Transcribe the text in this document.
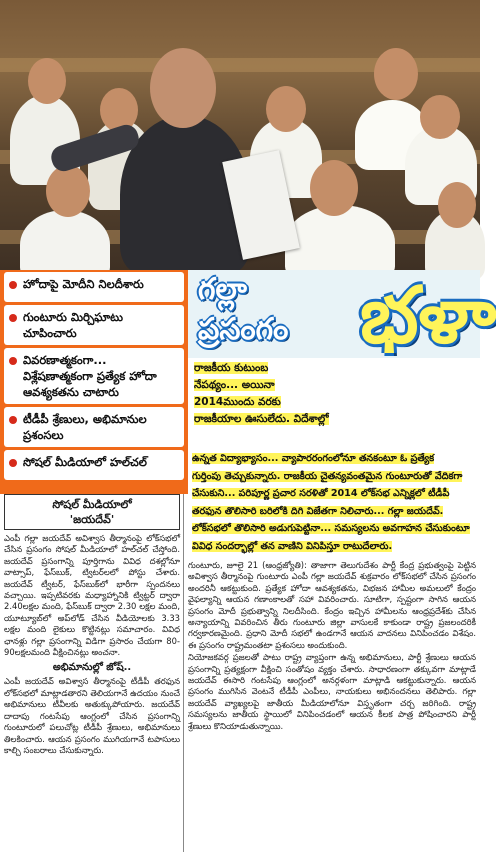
హోదాపై మోదీని నిలదీశారు
గుంటూరు మిర్చిఘాటు చూపించారు
వివరణాత్మకంగా... విశ్లేషణాత్మకంగా ప్రత్యేక హోదా ఆవశ్యకతను చాటారు
టీడీపీ శ్రేణులు, అభిమానుల ప్రశంసలు
సోషల్ మీడియాలో హల్‌చల్
గల్లా
ప్రసంగం భళా
రాజకీయ కుటుంబ
నేపథ్యం... అయినా
2014ముందు వరకు
రాజకీయాల ఊసులేదు. విదేశాల్లో
ఉన్నత విద్యాభ్యాసం... వ్యాపారరంగంలోనూ తనకంటూ ఓ ప్రత్యేక
గుర్తింపు తెచ్చుకున్నారు. రాజకీయ చైతన్యవంతమైన గుంటూరుతో వేదికగా
చేసుకుని... పరిపూర్ణ ప్రచార సరళితో 2014 లోక్‌సభ ఎన్నిక్లలో టీడీపీ
తరఫున తొలిసారి బరిలోకి దిగి విజేతగా నిలిచారు... గల్లా జయదేవ్.
లోక్‌సభలో తొలిసారి అడుగుపెట్టినా... సమస్యలను అవగాహన చేసుకుంటూ
వివిధ సందర్భాల్లో తన వాణిని వినిపిస్తూ రాటుదేలారు.
సోషల్ మీడియాలో
'జయదేవ్'

ఎంపీ గల్లా జయదేవ్ అవిశ్వాస తీర్మానంపై లోక్‌సభలో చేసిన ప్రసంగం సోషల్ మీడియాలో హల్‌చల్ చేస్తోంది. జయదేవ్ ప్రసంగాన్ని పూర్తిగాను వివిధ దశల్లోనూ వాట్సాప్, ఫేస్‌బుక్, ట్విటర్‌లలో పోస్టు చేశారు. జయదేవ్ ట్వీటర్, ఫేస్‌బుక్‌లో భారీగా స్పందనలు వచ్చాయి. ఇప్పటివరకు మధ్యాహ్నానికి ట్విట్టర్ ద్వారా 2.40లక్షల మంది, ఫేస్‌బుక్ ద్వారా 2.30 లక్షల మంది, యూట్యూబ్‌లో అప్‌లోడ్ చేసిన వీడియోలకు 3.33 లక్షల మంది లైకులు కొట్టినట్లు సమాచారం. వివిధ ఛానళ్లు గల్లా ప్రసంగాన్ని విడిగా ప్రసారం చేయగా 80-90లక్షలమంది వీక్షించినట్లు అంచనా.

అభిమానుల్లో జోష్..

ఎంపీ జయదేవ్ అవిశ్వాస తీర్మానంపై టీడీపీ తరఫున లోక్‌సభలో మాట్లాడతారని తెలియగానే ఉదయం నుంచే అభిమానులు టీవీలకు అతుక్కుపోయారు. జయదేవ్ దాదాపు గంటసేపు ఆంగ్లంలో చేసిన ప్రసంగాన్ని గుంటూరులో పలుచోట్ల టీడీపీ శ్రేణులు, అభిమానులు తిలకించారు. ఆయన ప్రసంగం ముగియగానే టపాసులు కాల్చి సంబరాలు చేసుకున్నారు.

గుంటూరు, జూలై 21 (ఆంధ్రజ్యోతి): తాజాగా తెలుగుదేశం పార్టీ కేంద్ర ప్రభుత్వంపై పెట్టిన అవిశ్వాస తీర్మానంపై గుంటూరు ఎంపీ గల్లా జయదేవ్ శుక్రవారం లోక్‌సభలో చేసిన ప్రసంగం అందరినీ ఆకట్టుకుంది. ప్రత్యేక హోదా ఆవశ్యకతను, విభజన హామీల అమలులో కేంద్రం వైఫల్యాన్ని ఆయన గణాంకాలతో సహా వివరించారు. సూటిగా, స్పష్టంగా సాగిన ఆయన ప్రసంగం మోదీ ప్రభుత్వాన్ని నిలదీసింది. కేంద్రం ఇచ్చిన హామీలను ఆంధ్రప్రదేశ్‌కు చేసిన అన్యాయాన్ని వివరించిన తీరు గుంటూరు జిల్లా వాసులకే కాకుండా రాష్ట్ర ప్రజలందరికీ గర్వకారణమైంది. ప్రధాని మోదీ సభలో ఉండగానే ఆయన వాదనలు వినిపించడం విశేషం. ఈ ప్రసంగం రాష్ట్రమంతటా ప్రశంసలు అందుకుంది.

నియోజకవర్గ ప్రజలతో పాటు రాష్ట్ర వ్యాప్తంగా ఉన్న అభిమానులు, పార్టీ శ్రేణులు ఆయన ప్రసంగాన్ని ప్రత్యక్షంగా వీక్షించి సంతోషం వ్యక్తం చేశారు. సాధారణంగా తక్కువగా మాట్లాడే జయదేవ్ ఈసారి గంటసేపు ఆంగ్లంలో అనర్గళంగా మాట్లాడి ఆకట్టుకున్నారు. ఆయన ప్రసంగం ముగిసిన వెంటనే టీడీపీ ఎంపీలు, నాయకులు అభినందనలు తెలిపారు. గల్లా జయదేవ్ వ్యాఖ్యలపై జాతీయ మీడియాలోనూ విస్తృతంగా చర్చ జరిగింది. రాష్ట్ర సమస్యలను జాతీయ స్థాయిలో వినిపించడంలో ఆయన కీలక పాత్ర పోషించారని పార్టీ శ్రేణులు కొనియాడుతున్నాయి.
